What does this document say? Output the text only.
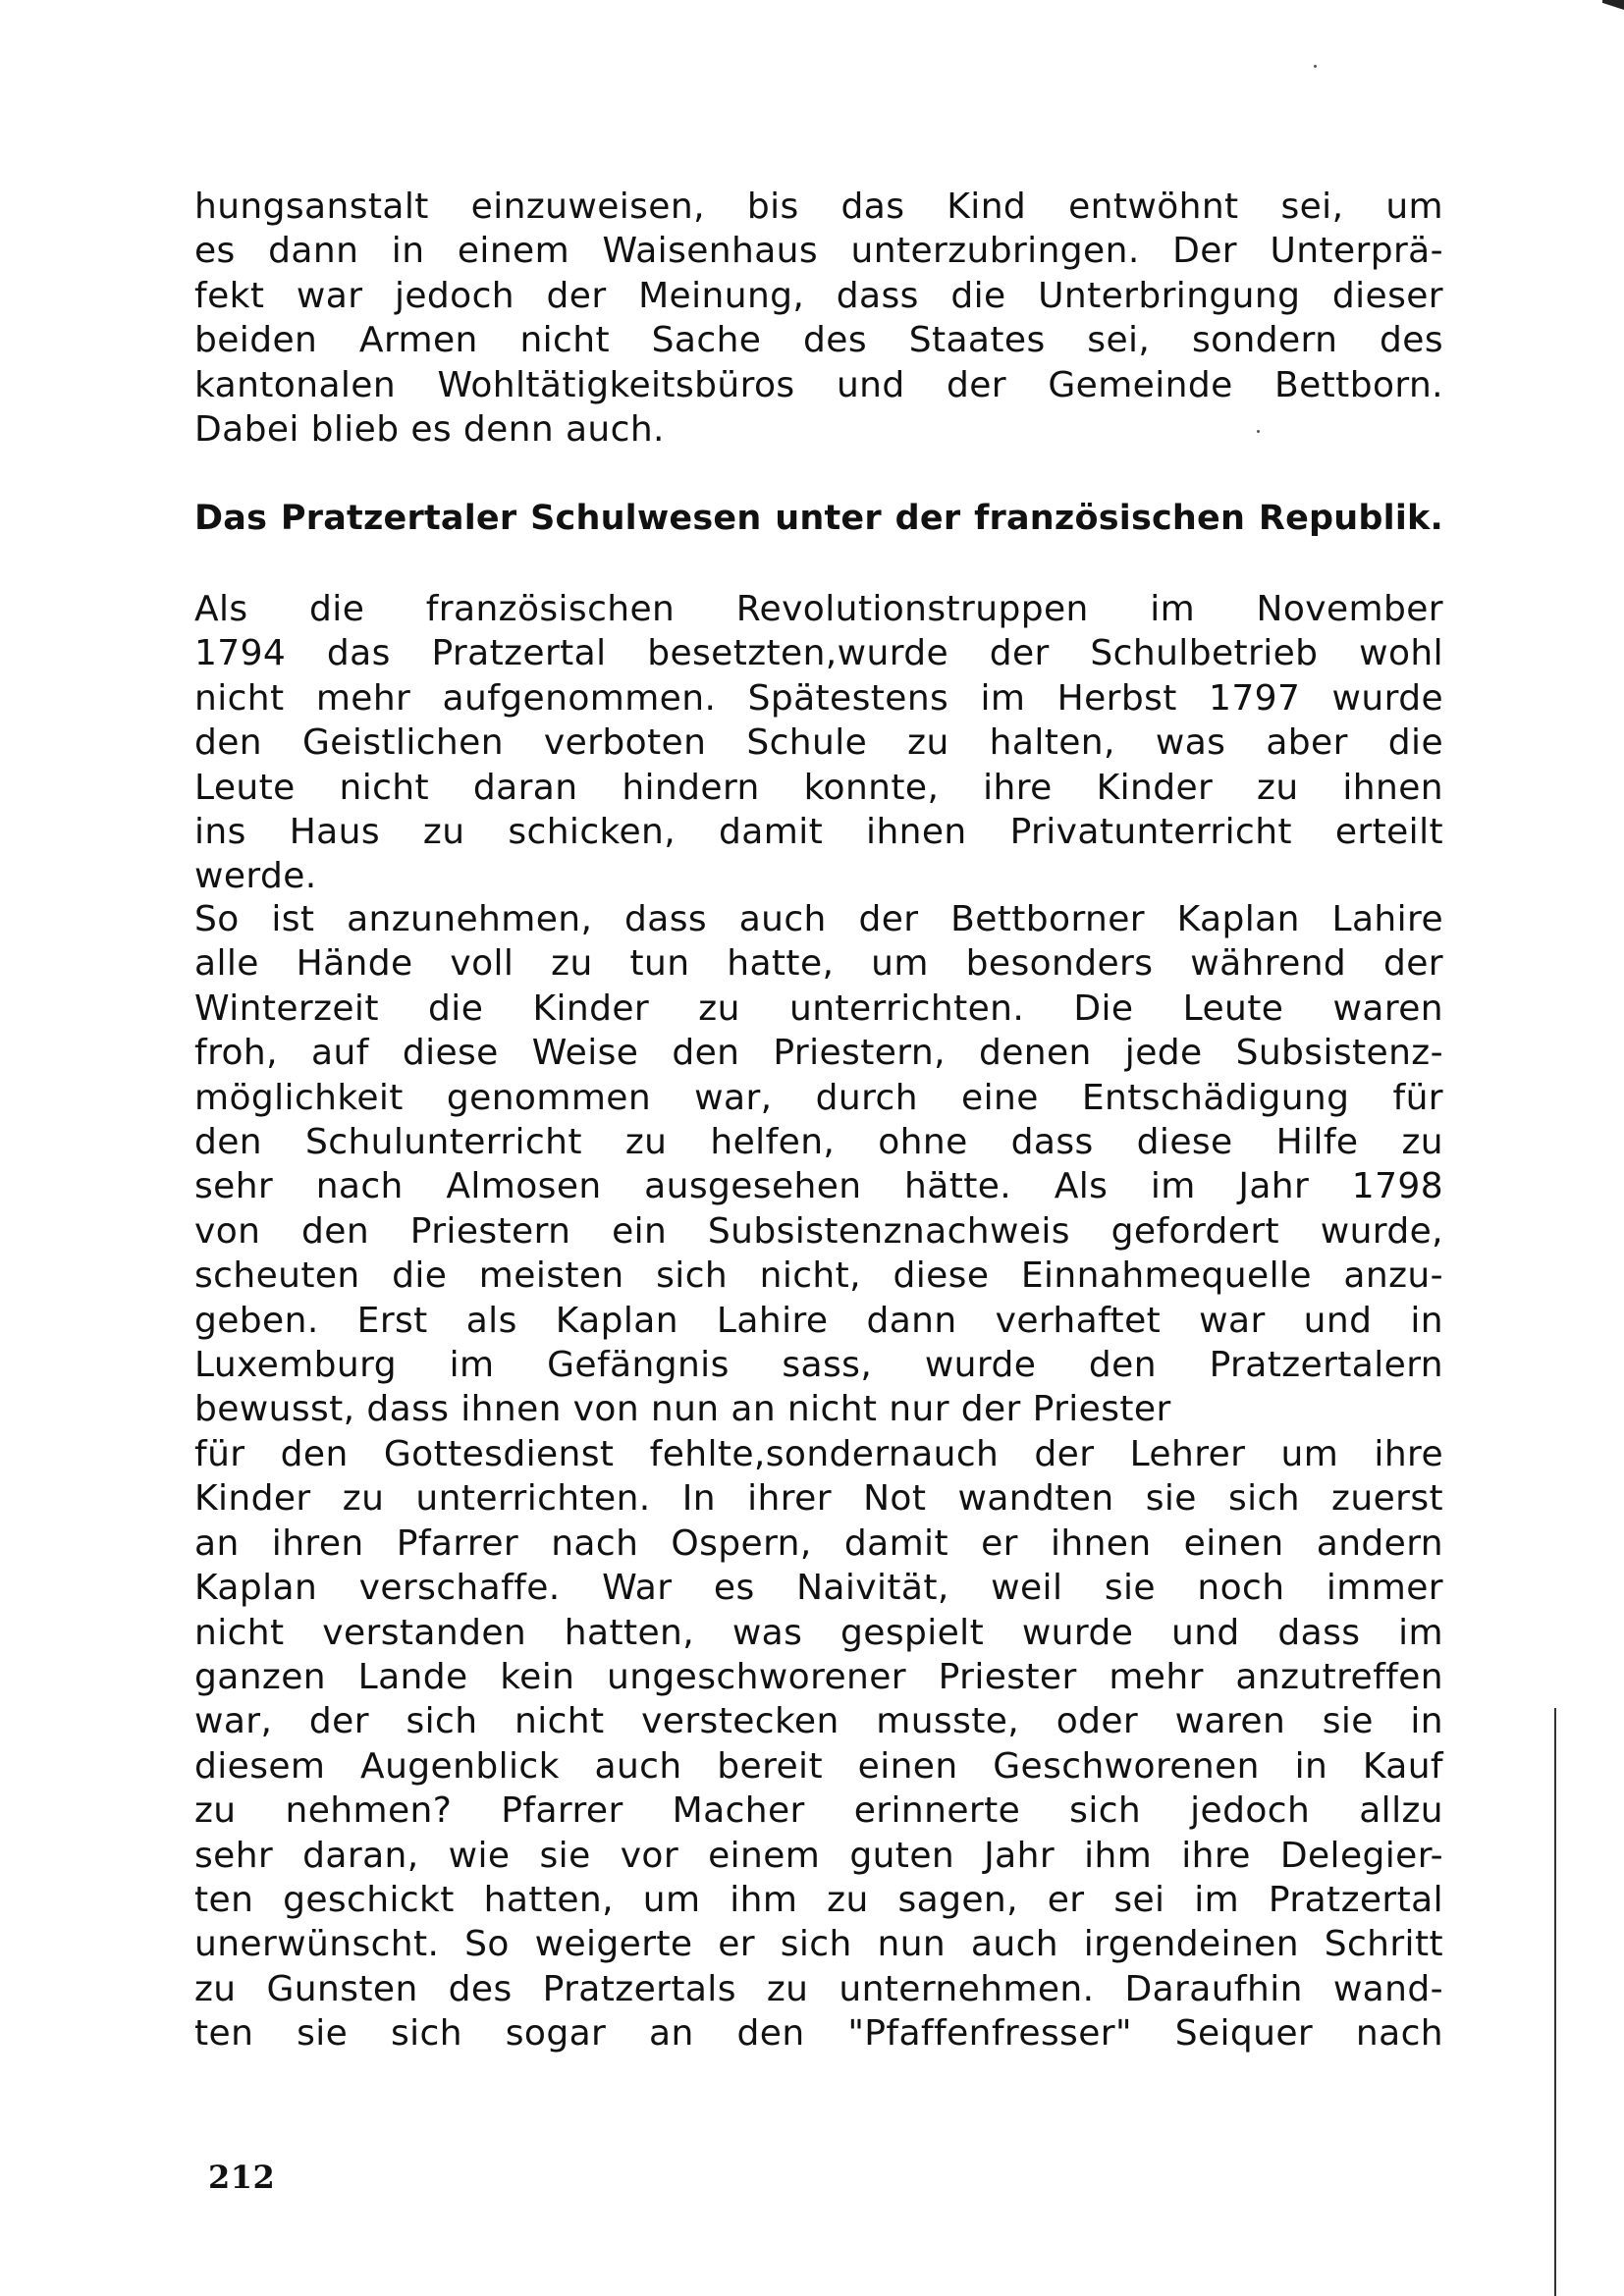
hungsanstalt einzuweisen, bis das Kind entwöhnt sei, um
es dann in einem Waisenhaus unterzubringen. Der Unterprä-
fekt war jedoch der Meinung, dass die Unterbringung dieser
beiden Armen nicht Sache des Staates sei, sondern des
kantonalen Wohltätigkeitsbüros und der Gemeinde Bettborn.
Dabei blieb es denn auch.
Das Pratzertaler Schulwesen unter der französischen Republik.
Als die französischen Revolutionstruppen im November
1794 das Pratzertal besetzten,wurde der Schulbetrieb wohl
nicht mehr aufgenommen. Spätestens im Herbst 1797 wurde
den Geistlichen verboten Schule zu halten, was aber die
Leute nicht daran hindern konnte, ihre Kinder zu ihnen
ins Haus zu schicken, damit ihnen Privatunterricht erteilt
werde.
So ist anzunehmen, dass auch der Bettborner Kaplan Lahire
alle Hände voll zu tun hatte, um besonders während der
Winterzeit die Kinder zu unterrichten. Die Leute waren
froh, auf diese Weise den Priestern, denen jede Subsistenz-
möglichkeit genommen war, durch eine Entschädigung für
den Schulunterricht zu helfen, ohne dass diese Hilfe zu
sehr nach Almosen ausgesehen hätte. Als im Jahr 1798
von den Priestern ein Subsistenznachweis gefordert wurde,
scheuten die meisten sich nicht, diese Einnahmequelle anzu-
geben. Erst als Kaplan Lahire dann verhaftet war und in
Luxemburg im Gefängnis sass, wurde den Pratzertalern
bewusst, dass ihnen von nun an nicht nur der Priester
für den Gottesdienst fehlte,sondernauch der Lehrer um ihre
Kinder zu unterrichten. In ihrer Not wandten sie sich zuerst
an ihren Pfarrer nach Ospern, damit er ihnen einen andern
Kaplan verschaffe. War es Naivität, weil sie noch immer
nicht verstanden hatten, was gespielt wurde und dass im
ganzen Lande kein ungeschworener Priester mehr anzutreffen
war, der sich nicht verstecken musste, oder waren sie in
diesem Augenblick auch bereit einen Geschworenen in Kauf
zu nehmen? Pfarrer Macher erinnerte sich jedoch allzu
sehr daran, wie sie vor einem guten Jahr ihm ihre Delegier-
ten geschickt hatten, um ihm zu sagen, er sei im Pratzertal
unerwünscht. So weigerte er sich nun auch irgendeinen Schritt
zu Gunsten des Pratzertals zu unternehmen. Daraufhin wand-
ten sie sich sogar an den "Pfaffenfresser" Seiquer nach
212
